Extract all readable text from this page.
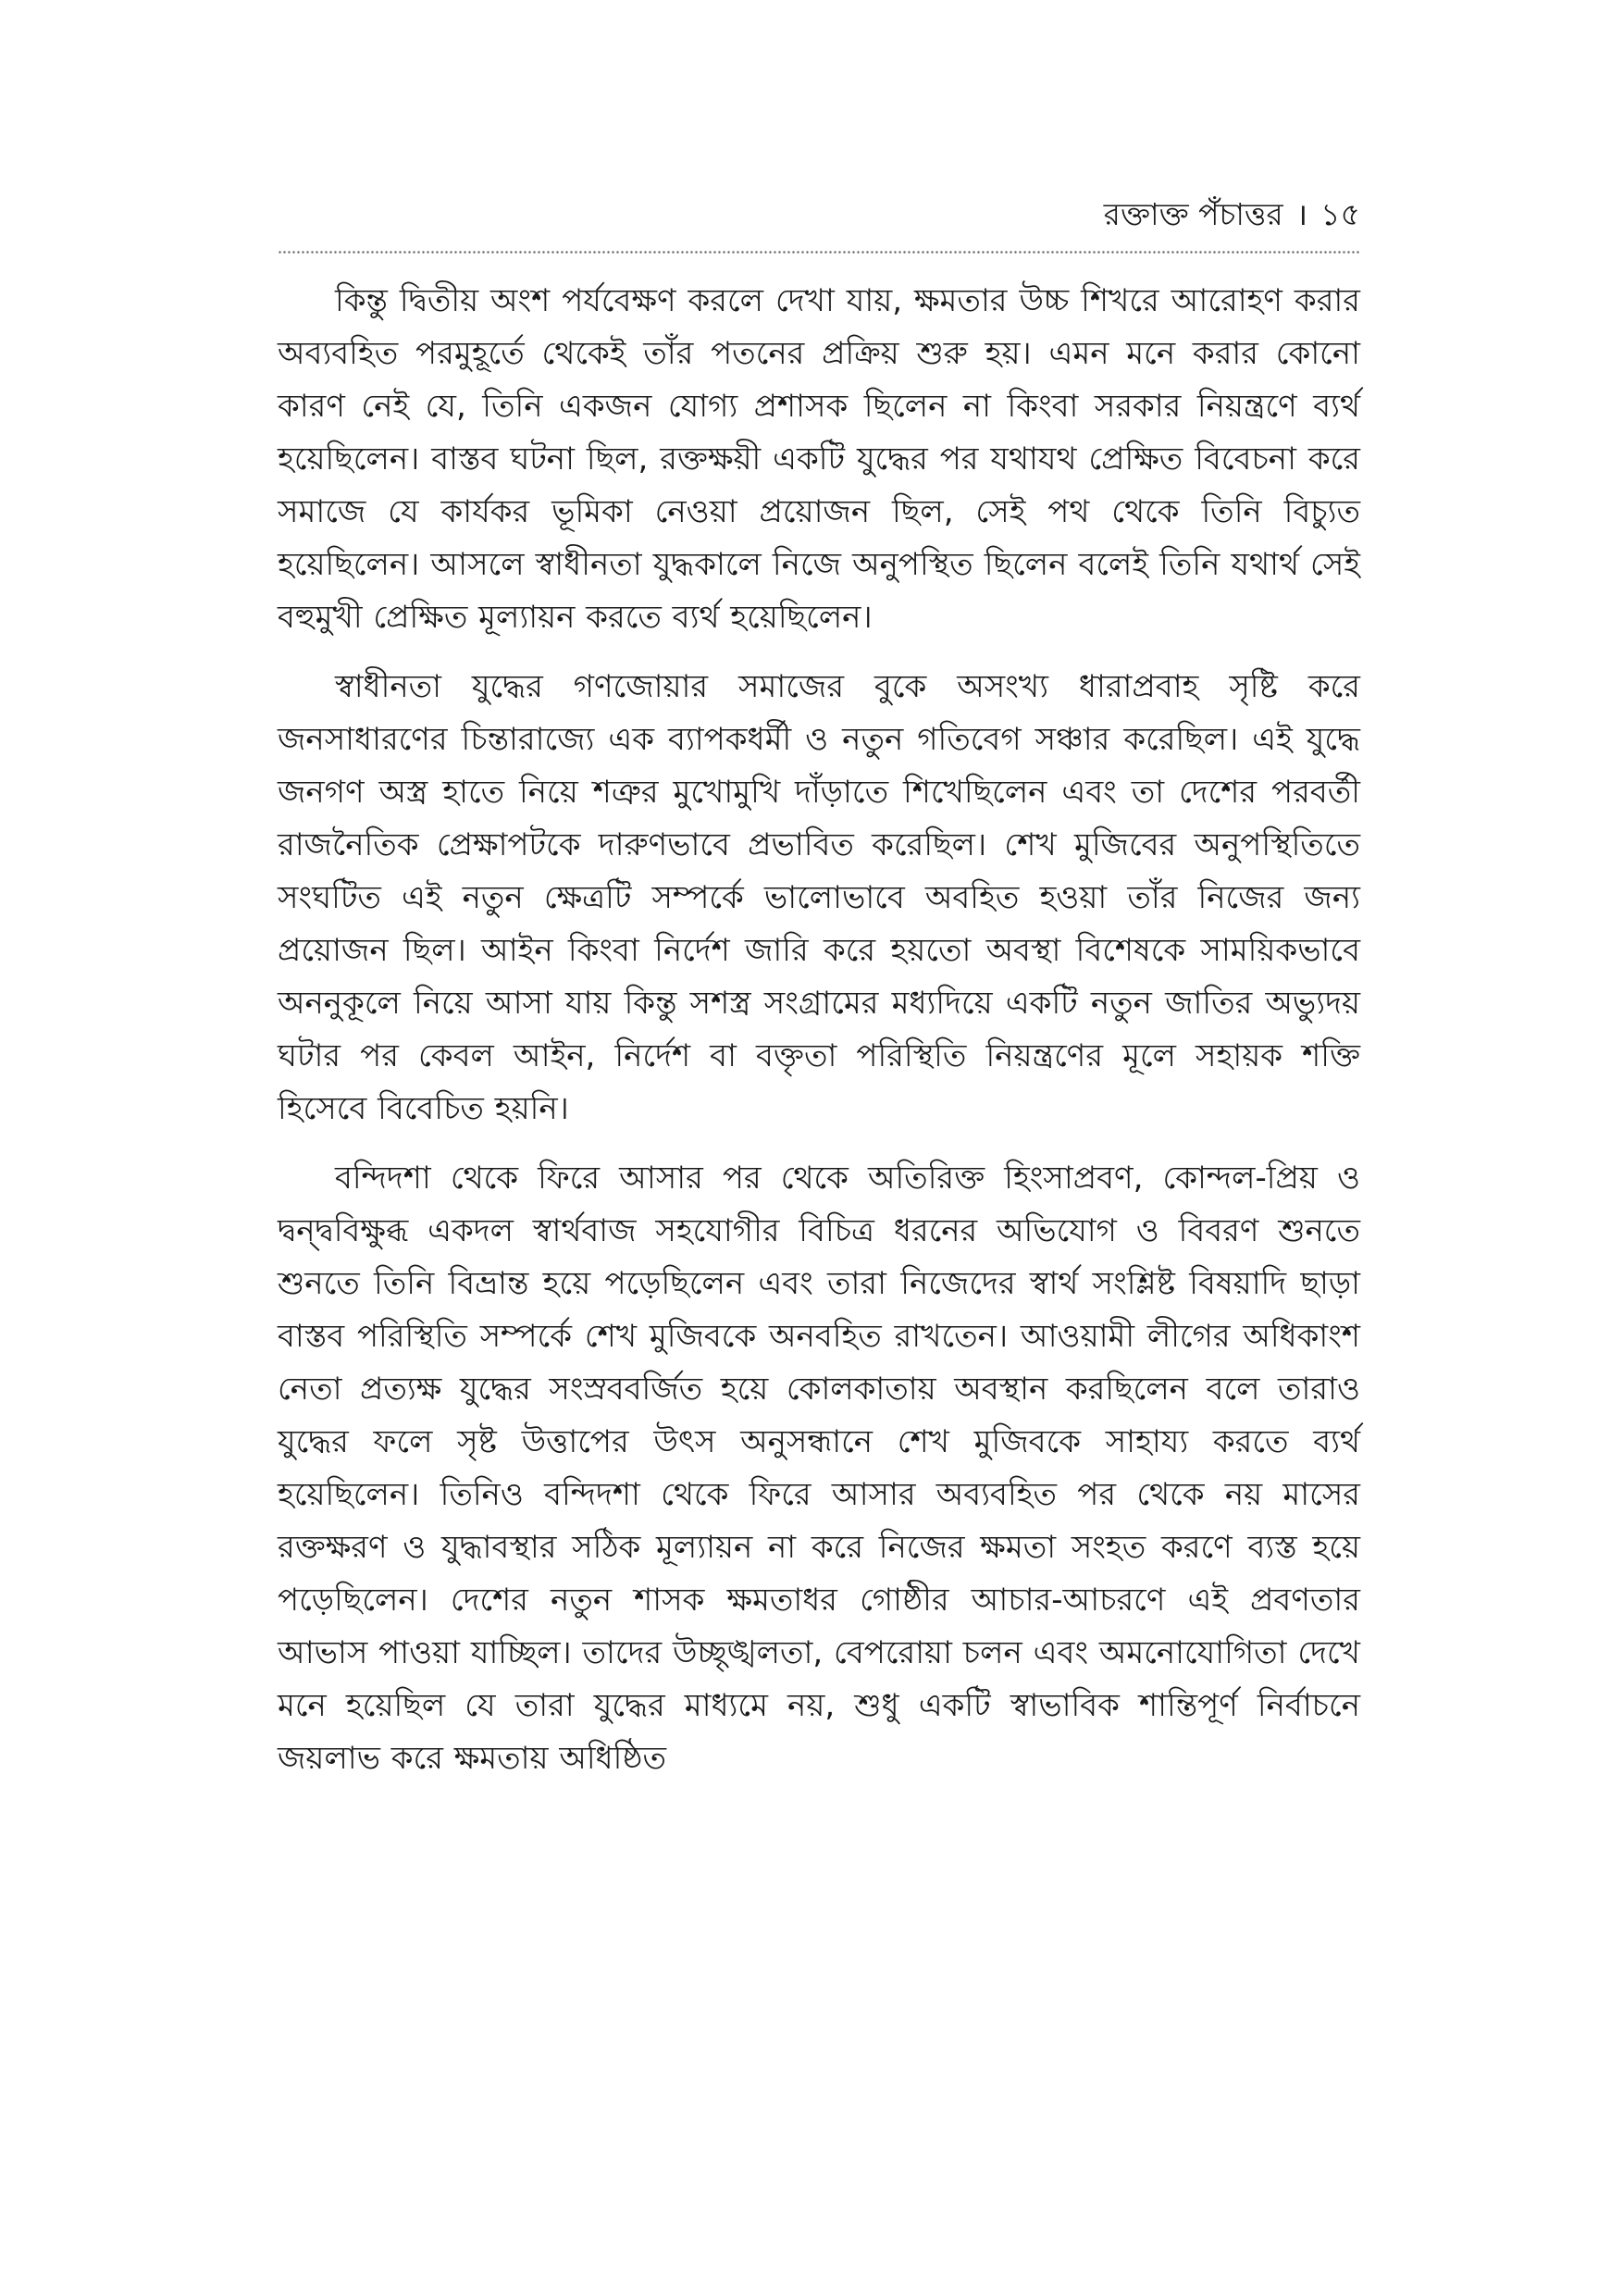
রক্তাক্ত পঁচাত্তর । ১৫

কিন্তু দ্বিতীয় অংশ পর্যবেক্ষণ করলে দেখা যায়, ক্ষমতার উচ্চ শিখরে আরোহণ করার অব্যবহিত পরমুহূর্তে থেকেই তাঁর পতনের প্রক্রিয় শুরু হয়। এমন মনে করার কোনো কারণ নেই যে, তিনি একজন যোগ্য প্রশাসক ছিলেন না কিংবা সরকার নিয়ন্ত্রণে ব্যর্থ হয়েছিলেন। বাস্তব ঘটনা ছিল, রক্তক্ষয়ী একটি যুদ্ধের পর যথাযথ প্রেক্ষিত বিবেচনা করে সমাজে যে কার্যকর ভূমিকা নেওয়া প্রয়োজন ছিল, সেই পথ থেকে তিনি বিচ্যুত হয়েছিলেন। আসলে স্বাধীনতা যুদ্ধকালে নিজে অনুপস্থিত ছিলেন বলেই তিনি যথার্থ সেই বহুমুখী প্রেক্ষিত মূল্যায়ন করতে ব্যর্থ হয়েছিলেন।

স্বাধীনতা যুদ্ধের গণজোয়ার সমাজের বুকে অসংখ্য ধারাপ্রবাহ সৃষ্টি করে জনসাধারণের চিন্তারাজ্যে এক ব্যাপকধর্মী ও নতুন গতিবেগ সঞ্চার করেছিল। এই যুদ্ধে জনগণ অস্ত্র হাতে নিয়ে শত্রুর মুখোমুখি দাঁড়াতে শিখেছিলেন এবং তা দেশের পরবর্তী রাজনৈতিক প্রেক্ষাপটকে দারুণভাবে প্রভাবিত করেছিল। শেখ মুজিবের অনুপস্থিতিতে সংঘটিত এই নতুন ক্ষেত্রটি সম্পর্কে ভালোভাবে অবহিত হওয়া তাঁর নিজের জন্য প্রয়োজন ছিল। আইন কিংবা নির্দেশ জারি করে হয়তো অবস্থা বিশেষকে সাময়িকভাবে অননুকূলে নিয়ে আসা যায় কিন্তু সশস্ত্র সংগ্রামের মধ্যদিয়ে একটি নতুন জাতির অভ্যুদয় ঘটার পর কেবল আইন, নির্দেশ বা বক্তৃতা পরিস্থিতি নিয়ন্ত্রণের মূলে সহায়ক শক্তি হিসেবে বিবেচিত হয়নি।

বন্দিদশা থেকে ফিরে আসার পর থেকে অতিরিক্ত হিংসাপ্রবণ, কোন্দল-প্রিয় ও দ্বন্দ্ববিক্ষুব্ধ একদল স্বার্থবাজ সহযোগীর বিচিত্র ধরনের অভিযোগ ও বিবরণ শুনতে শুনতে তিনি বিভ্রান্ত হয়ে পড়েছিলেন এবং তারা নিজেদের স্বার্থ সংশ্লিষ্ট বিষয়াদি ছাড়া বাস্তব পরিস্থিতি সম্পর্কে শেখ মুজিবকে অনবহিত রাখতেন। আওয়ামী লীগের অধিকাংশ নেতা প্রত্যক্ষ যুদ্ধের সংস্রববর্জিত হয়ে কোলকাতায় অবস্থান করছিলেন বলে তারাও যুদ্ধের ফলে সৃষ্ট উত্তাপের উৎস অনুসন্ধানে শেখ মুজিবকে সাহায্য করতে ব্যর্থ হয়েছিলেন। তিনিও বন্দিদশা থেকে ফিরে আসার অব্যবহিত পর থেকে নয় মাসের রক্তক্ষরণ ও যুদ্ধাবস্থার সঠিক মূল্যায়ন না করে নিজের ক্ষমতা সংহত করণে ব্যস্ত হয়ে পড়েছিলেন। দেশের নতুন শাসক ক্ষমতাধর গোষ্ঠীর আচার-আচরণে এই প্রবণতার আভাস পাওয়া যাচ্ছিল। তাদের উচ্ছৃঙ্খলতা, বেপরোয়া চলন এবং অমনোযোগিতা দেখে মনে হয়েছিল যে তারা যুদ্ধের মাধ্যমে নয়, শুধু একটি স্বাভাবিক শান্তিপূর্ণ নির্বাচনে জয়লাভ করে ক্ষমতায় অধিষ্ঠিত
